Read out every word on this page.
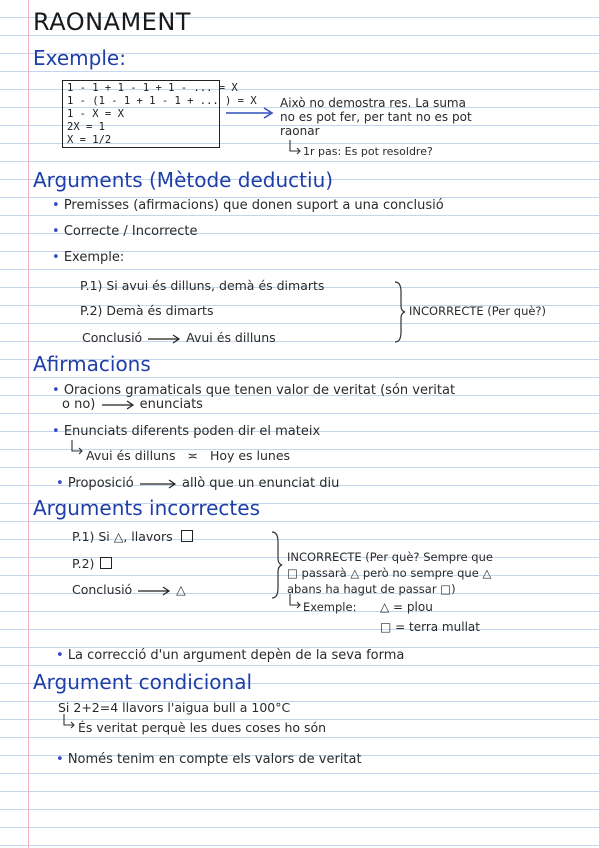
RAONAMENT
Exemple:
1 - 1 + 1 - 1 + 1 - ... = X
1 - (1 - 1 + 1 - 1 + ... ) = X
1 - X = X
2X = 1
X = 1/2
Això no demostra res. La suma
no es pot fer, per tant no es pot
raonar
1r pas: Es pot resoldre?
Arguments (Mètode deductiu)
• Premisses (afirmacions) que donen suport a una conclusió
• Correcte / Incorrecte
• Exemple:
P.1) Si avui és dilluns, demà és dimarts
P.2) Demà és dimarts
Conclusió	Avui és dilluns
INCORRECTE (Per què?)
Afirmacions
• Oracions gramaticals que tenen valor de veritat (són veritat
o no)	enunciats
• Enunciats diferents poden dir el mateix
Avui és dilluns ≍ Hoy es lunes
• Proposició	allò que un enunciat diu
Arguments incorrectes
P.1) Si △, llavors
P.2)
Conclusió	△
INCORRECTE (Per què? Sempre que
□ passarà △ però no sempre que △
abans ha hagut de passar □)
Exemple: △ = plou
□ = terra mullat
• La correcció d'un argument depèn de la seva forma
Argument condicional
Si 2+2=4 llavors l'aigua bull a 100°C
És veritat perquè les dues coses ho són
• Només tenim en compte els valors de veritat
